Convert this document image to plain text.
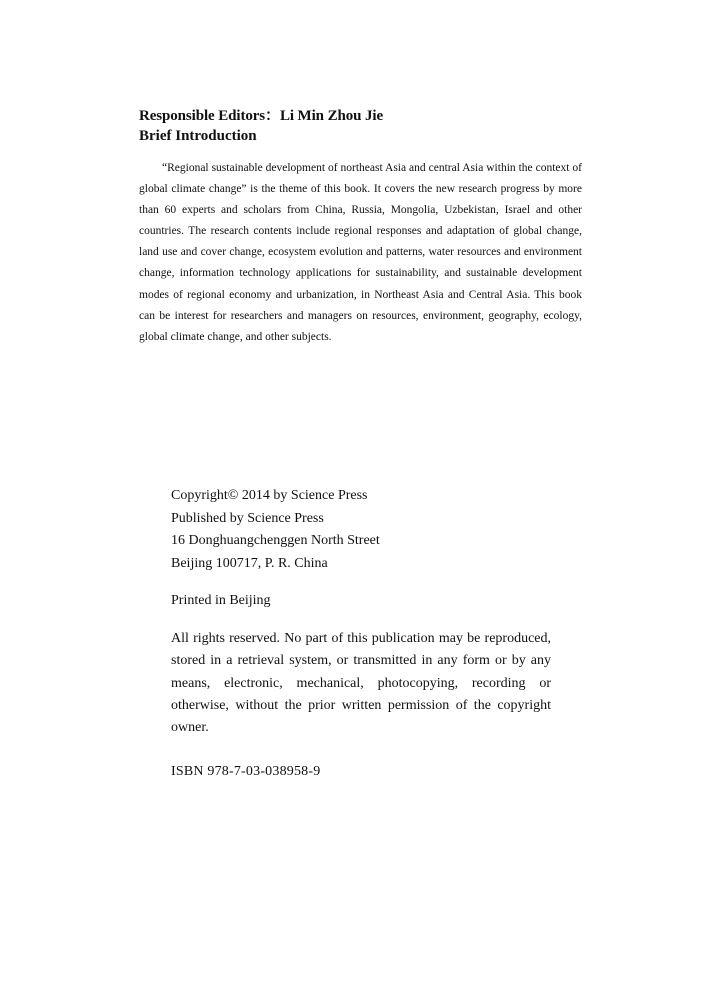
Responsible Editors：Li Min Zhou Jie
Brief Introduction
“Regional sustainable development of northeast Asia and central Asia within the context of global climate change” is the theme of this book. It covers the new research progress by more than 60 experts and scholars from China, Russia, Mongolia, Uzbekistan, Israel and other countries. The research contents include regional responses and adaptation of global change, land use and cover change, ecosystem evolution and patterns, water resources and environment change, information technology applications for sustainability, and sustainable development modes of regional economy and urbanization, in Northeast Asia and Central Asia. This book can be interest for researchers and managers on resources, environment, geography, ecology, global climate change, and other subjects.
Copyright© 2014 by Science Press
Published by Science Press
16 Donghuangchenggen North Street
Beijing 100717, P. R. China
Printed in Beijing
All rights reserved. No part of this publication may be reproduced, stored in a retrieval system, or transmitted in any form or by any means, electronic, mechanical, photocopying, recording or otherwise, without the prior written permission of the copyright owner.
ISBN 978-7-03-038958-9
